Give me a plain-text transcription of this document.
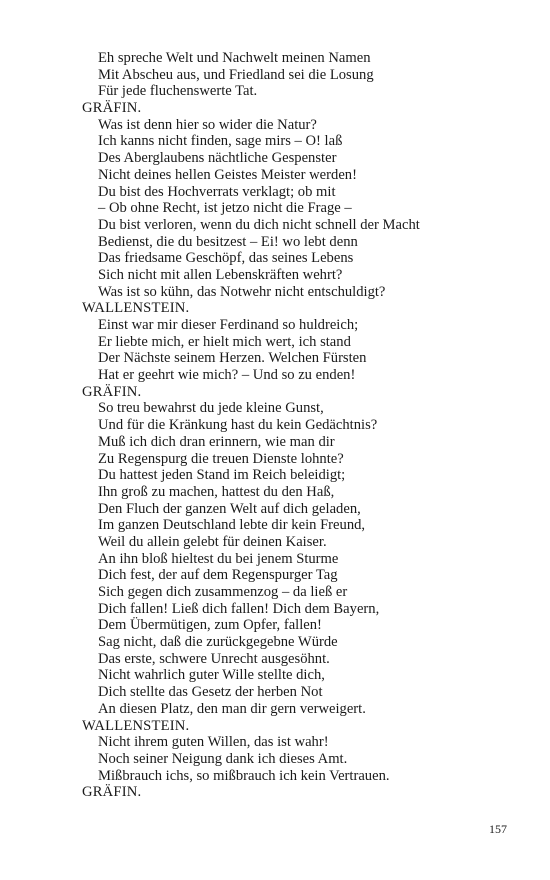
Eh spreche Welt und Nachwelt meinen Namen
Mit Abscheu aus, und Friedland sei die Losung
Für jede fluchenswerte Tat.
GRÄFIN.
Was ist denn hier so wider die Natur?
Ich kanns nicht finden, sage mirs – O! laß
Des Aberglaubens nächtliche Gespenster
Nicht deines hellen Geistes Meister werden!
Du bist des Hochverrats verklagt; ob mit
– Ob ohne Recht, ist jetzo nicht die Frage –
Du bist verloren, wenn du dich nicht schnell der Macht
Bedienst, die du besitzest – Ei! wo lebt denn
Das friedsame Geschöpf, das seines Lebens
Sich nicht mit allen Lebenskräften wehrt?
Was ist so kühn, das Notwehr nicht entschuldigt?
WALLENSTEIN.
Einst war mir dieser Ferdinand so huldreich;
Er liebte mich, er hielt mich wert, ich stand
Der Nächste seinem Herzen. Welchen Fürsten
Hat er geehrt wie mich? – Und so zu enden!
GRÄFIN.
So treu bewahrst du jede kleine Gunst,
Und für die Kränkung hast du kein Gedächtnis?
Muß ich dich dran erinnern, wie man dir
Zu Regenspurg die treuen Dienste lohnte?
Du hattest jeden Stand im Reich beleidigt;
Ihn groß zu machen, hattest du den Haß,
Den Fluch der ganzen Welt auf dich geladen,
Im ganzen Deutschland lebte dir kein Freund,
Weil du allein gelebt für deinen Kaiser.
An ihn bloß hieltest du bei jenem Sturme
Dich fest, der auf dem Regenspurger Tag
Sich gegen dich zusammenzog – da ließ er
Dich fallen! Ließ dich fallen! Dich dem Bayern,
Dem Übermütigen, zum Opfer, fallen!
Sag nicht, daß die zurückgegebne Würde
Das erste, schwere Unrecht ausgesöhnt.
Nicht wahrlich guter Wille stellte dich,
Dich stellte das Gesetz der herben Not
An diesen Platz, den man dir gern verweigert.
WALLENSTEIN.
Nicht ihrem guten Willen, das ist wahr!
Noch seiner Neigung dank ich dieses Amt.
Mißbrauch ichs, so mißbrauch ich kein Vertrauen.
GRÄFIN.
157
